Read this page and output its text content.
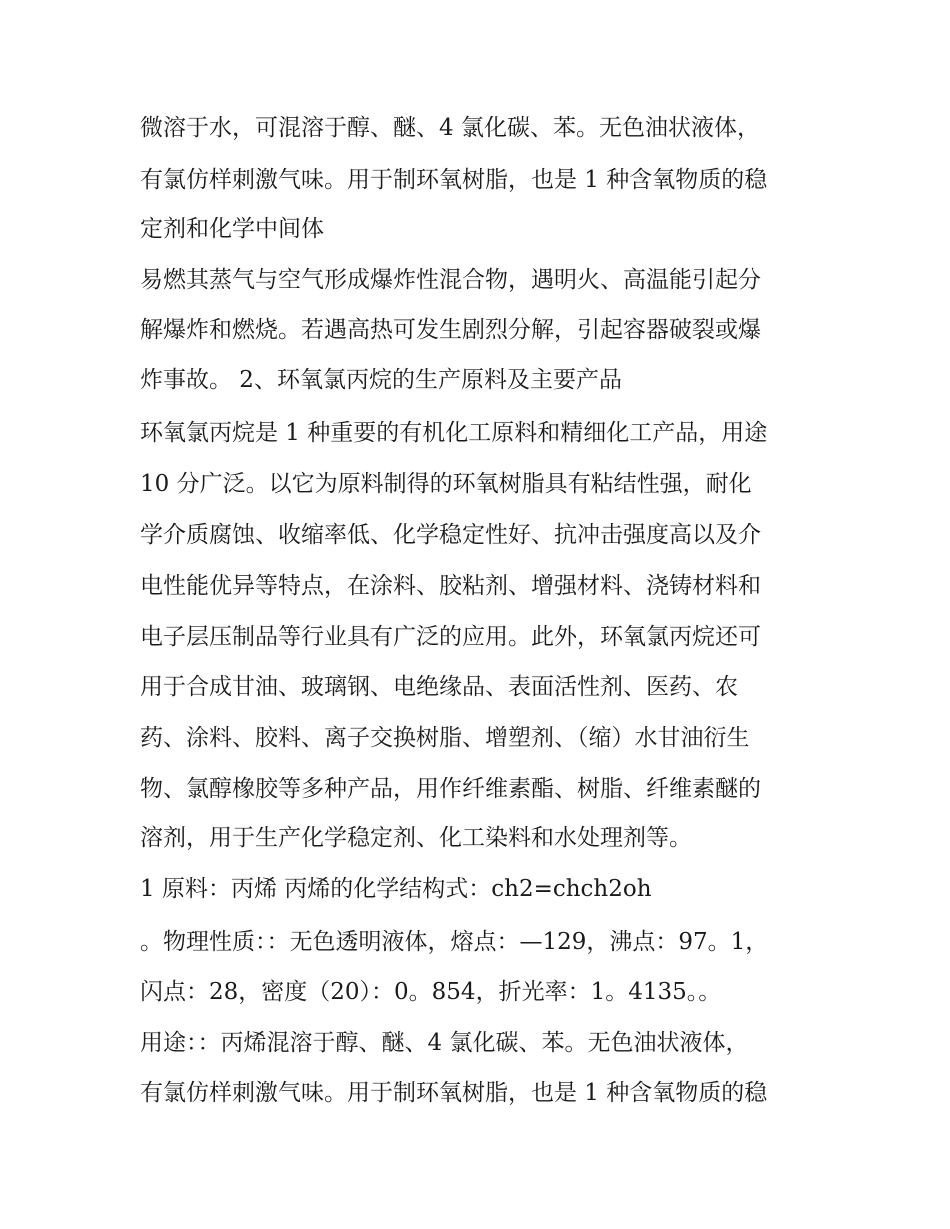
微溶于水，可混溶于醇、醚、4 氯化碳、苯。无色油状液体，
有氯仿样刺激气味。用于制环氧树脂，也是 1 种含氧物质的稳
定剂和化学中间体
易燃其蒸气与空气形成爆炸性混合物，遇明火、高温能引起分
解爆炸和燃烧。若遇高热可发生剧烈分解，引起容器破裂或爆
炸事故。 2、环氧氯丙烷的生产原料及主要产品
环氧氯丙烷是 1 种重要的有机化工原料和精细化工产品，用途
10 分广泛。以它为原料制得的环氧树脂具有粘结性强，耐化
学介质腐蚀、收缩率低、化学稳定性好、抗冲击强度高以及介
电性能优异等特点，在涂料、胶粘剂、增强材料、浇铸材料和
电子层压制品等行业具有广泛的应用。此外，环氧氯丙烷还可
用于合成甘油、玻璃钢、电绝缘品、表面活性剂、医药、农
药、涂料、胶料、离子交换树脂、增塑剂、（缩）水甘油衍生
物、氯醇橡胶等多种产品，用作纤维素酯、树脂、纤维素醚的
溶剂，用于生产化学稳定剂、化工染料和水处理剂等。
1 原料：丙烯 丙烯的化学结构式：ch2=chch2oh
。物理性质：：无色透明液体，熔点：—129，沸点：97。1，
闪点：28，密度（20）：0。854，折光率：1。4135。。
用途：：丙烯混溶于醇、醚、4 氯化碳、苯。无色油状液体，
有氯仿样刺激气味。用于制环氧树脂，也是 1 种含氧物质的稳
